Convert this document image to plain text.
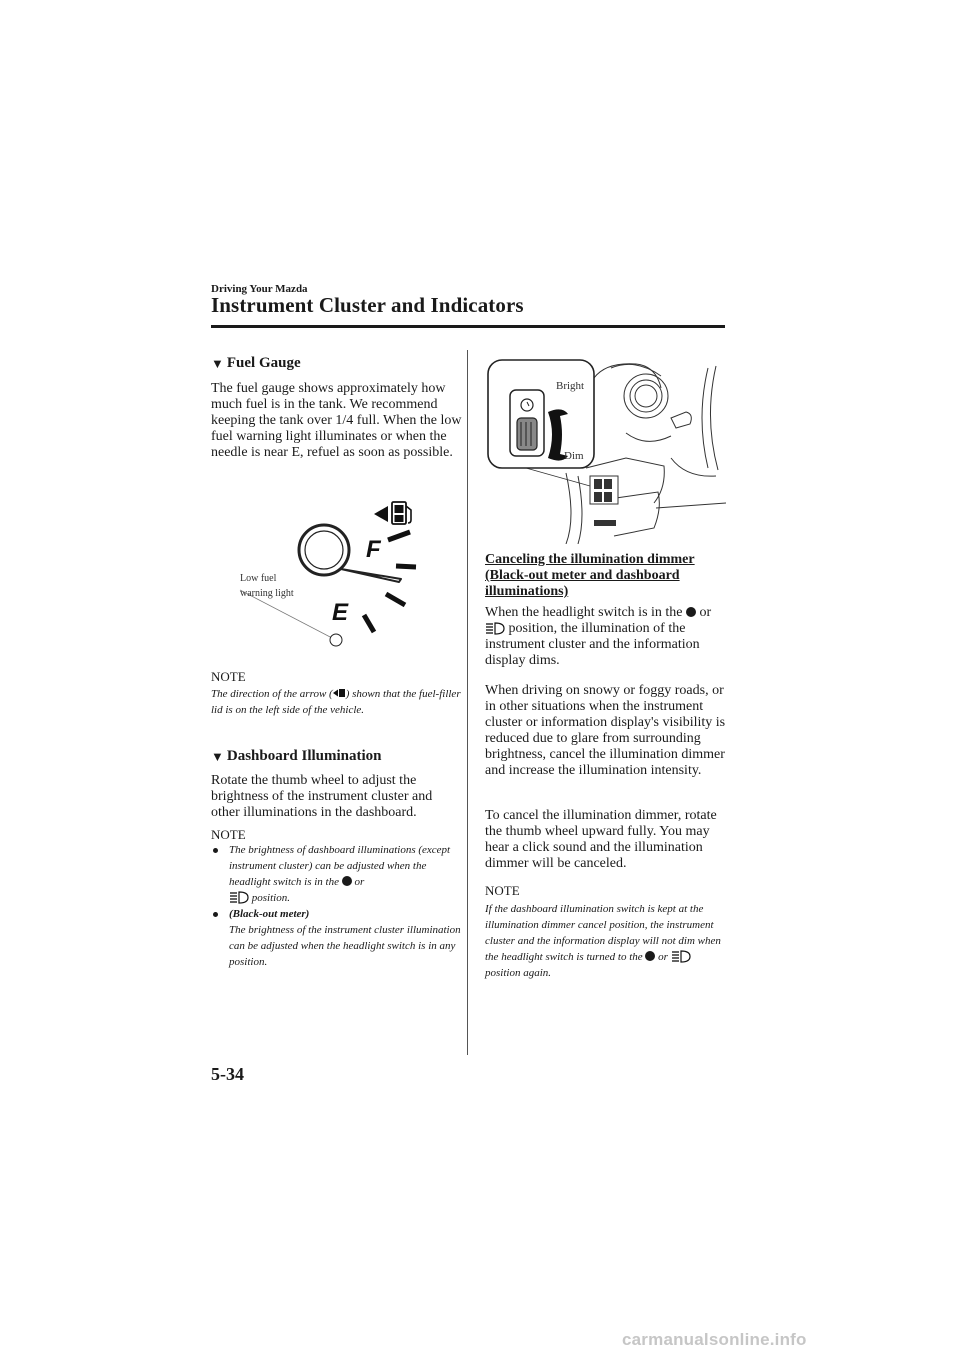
Driving Your Mazda
Instrument Cluster and Indicators
▼ Fuel Gauge

The fuel gauge shows approximately how much fuel is in the tank. We recommend keeping the tank over 1/4 full. When the low fuel warning light illuminates or when the needle is near E, refuel as soon as possible.

F
E
Low fuel
warning light
NOTE

The direction of the arrow ( ) shown that the fuel-filler lid is on the left side of the vehicle.

▼ Dashboard Illumination

Rotate the thumb wheel to adjust the brightness of the instrument cluster and other illuminations in the dashboard.

NOTE
The brightness of dashboard illuminations (except instrument cluster) can be adjusted when the headlight switch is in the or
position.
(Black-out meter)
The brightness of the instrument cluster illumination can be adjusted when the headlight switch is in any position.
Bright
Dim

Canceling the illumination dimmer (Black-out meter and dashboard illuminations)

When the headlight switch is in the or
position, the illumination of the instrument cluster and the information display dims.

When driving on snowy or foggy roads, or in other situations when the instrument cluster or information display's visibility is reduced due to glare from surrounding brightness, cancel the illumination dimmer and increase the illumination intensity.

To cancel the illumination dimmer, rotate the thumb wheel upward fully. You may hear a click sound and the illumination dimmer will be canceled.

NOTE

If the dashboard illumination switch is kept at the illumination dimmer cancel position, the instrument cluster and the information display will not dim when the headlight switch is turned to the or  position again.

5-34
carmanualsonline.info
